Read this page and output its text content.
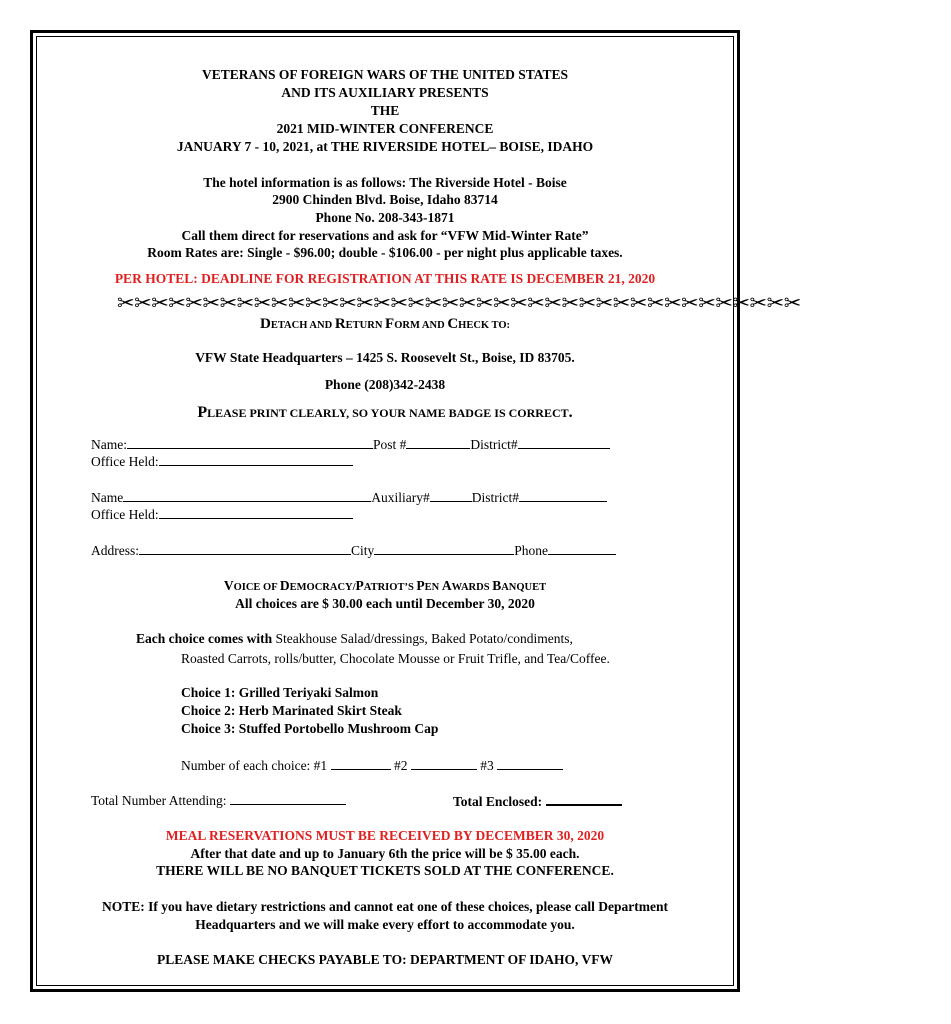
VETERANS OF FOREIGN WARS OF THE UNITED STATES
AND ITS AUXILIARY PRESENTS
THE
2021 MID-WINTER CONFERENCE
JANUARY 7 - 10, 2021, at THE RIVERSIDE HOTEL– BOISE, IDAHO
The hotel information is as follows: The Riverside Hotel - Boise
2900 Chinden Blvd. Boise, Idaho 83714
Phone No. 208-343-1871
Call them direct for reservations and ask for “VFW Mid-Winter Rate”
Room Rates are: Single - $96.00; double - $106.00 - per night plus applicable taxes.
PER HOTEL: DEADLINE FOR REGISTRATION AT THIS RATE IS DECEMBER 21, 2020
✂✂✂✂✂✂✂✂✂✂✂✂✂✂✂✂✂✂✂✂✂✂✂✂✂✂✂✂✂✂✂✂✂✂✂✂✂✂✂✂
DETACH AND RETURN FORM AND CHECK TO:
VFW State Headquarters – 1425 S. Roosevelt St., Boise, ID 83705.
Phone (208)342-2438
PLEASE PRINT CLEARLY, SO YOUR NAME BADGE IS CORRECT.
Name:	Post #	District#
Office Held:
Name	Auxiliary#	District#
Office Held:
Address:	City	Phone
VOICE OF DEMOCRACY/PATRIOT’S PEN AWARDS BANQUET
All choices are $ 30.00 each until December 30, 2020
Each choice comes with Steakhouse Salad/dressings, Baked Potato/condiments,
Roasted Carrots, rolls/butter, Chocolate Mousse or Fruit Trifle, and Tea/Coffee.
Choice 1: Grilled Teriyaki Salmon
Choice 2: Herb Marinated Skirt Steak
Choice 3: Stuffed Portobello Mushroom Cap
Number of each choice: #1	#2	#3
Total Number Attending:	Total Enclosed:
MEAL RESERVATIONS MUST BE RECEIVED BY DECEMBER 30, 2020
After that date and up to January 6th the price will be $ 35.00 each.
THERE WILL BE NO BANQUET TICKETS SOLD AT THE CONFERENCE.
NOTE: If you have dietary restrictions and cannot eat one of these choices, please call Department
Headquarters and we will make every effort to accommodate you.
PLEASE MAKE CHECKS PAYABLE TO: DEPARTMENT OF IDAHO, VFW
